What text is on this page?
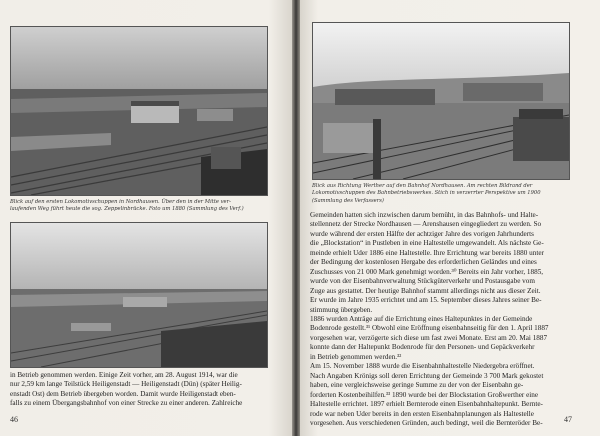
Blick auf den ersten Lokomotivschuppen in Nordhausen. Über den in der Mitte ver-
laufenden Weg führt heute die sog. Zeppelinbrücke. Foto um 1880 (Sammlung des Verf.)
in Betrieb genommen werden. Einige Zeit vorher, am 28. August 1914, war die
nur 2,59 km lange Teilstück Heiligenstadt — Heiligenstadt (Dün) (später Heilig-
enstadt Ost) dem Betrieb übergeben worden. Damit wurde Heiligenstadt eben-
falls zu einem Übergangsbahnhof von einer Strecke zu einer anderen. Zahlreiche
46
Blick aus Richtung Werther auf den Bahnhof Nordhausen. Am rechten Bildrand der
Lokomotivschuppen des Bahnbetriebswerkes. Stich in verzerrter Perspektive um 1900
(Sammlung des Verfassers)
Gemeinden hatten sich inzwischen darum bemüht, in das Bahnhofs- und Halte-
stellennetz der Strecke Nordhausen — Arenshausen eingegliedert zu werden. So
wurde während der ersten Hälfte der achtziger Jahre des vorigen Jahrhunderts
die „Blockstation“ in Pustleben in eine Haltestelle umgewandelt. Als nächste Ge-
meinde erhielt Uder 1886 eine Haltestelle. Ihre Errichtung war bereits 1880 unter
der Bedingung der kostenlosen Hergabe des erforderlichen Geländes und eines
Zuschusses von 21 000 Mark genehmigt worden.³⁰ Bereits ein Jahr vorher, 1885,
wurde von der Eisenbahnverwaltung Stückgüterverkehr und Postausgabe vom
Zuge aus gestattet. Der heutige Bahnhof stammt allerdings nicht aus dieser Zeit.
Er wurde im Jahre 1935 errichtet und am 15. September dieses Jahres seiner Be-
stimmung übergeben.
1886 wurden Anträge auf die Errichtung eines Haltepunktes in der Gemeinde
Bodenrode gestellt.³¹ Obwohl eine Eröffnung eisenbahnseitig für den 1. April 1887
vorgesehen war, verzögerte sich diese um fast zwei Monate. Erst am 20. Mai 1887
konnte dann der Haltepunkt Bodenrode für den Personen- und Gepäckverkehr
in Betrieb genommen werden.³²
Am 15. November 1888 wurde die Eisenbahnhaltestelle Niedergebra eröffnet.
Nach Angaben Krönigs soll deren Errichtung der Gemeinde 3 700 Mark gekostet
haben, eine vergleichsweise geringe Summe zu der von der Eisenbahn ge-
forderten Kostenbeihilfen.³³ 1890 wurde bei der Blockstation Großwerther eine
Haltestelle errichtet. 1897 erhielt Bernterode einen Eisenbahnhaltepunkt. Bernte-
rode war neben Uder bereits in den ersten Eisenbahnplanungen als Haltestelle
vorgesehen. Aus verschiedenen Gründen, auch bedingt, weil die Bernteröder Be-	47
